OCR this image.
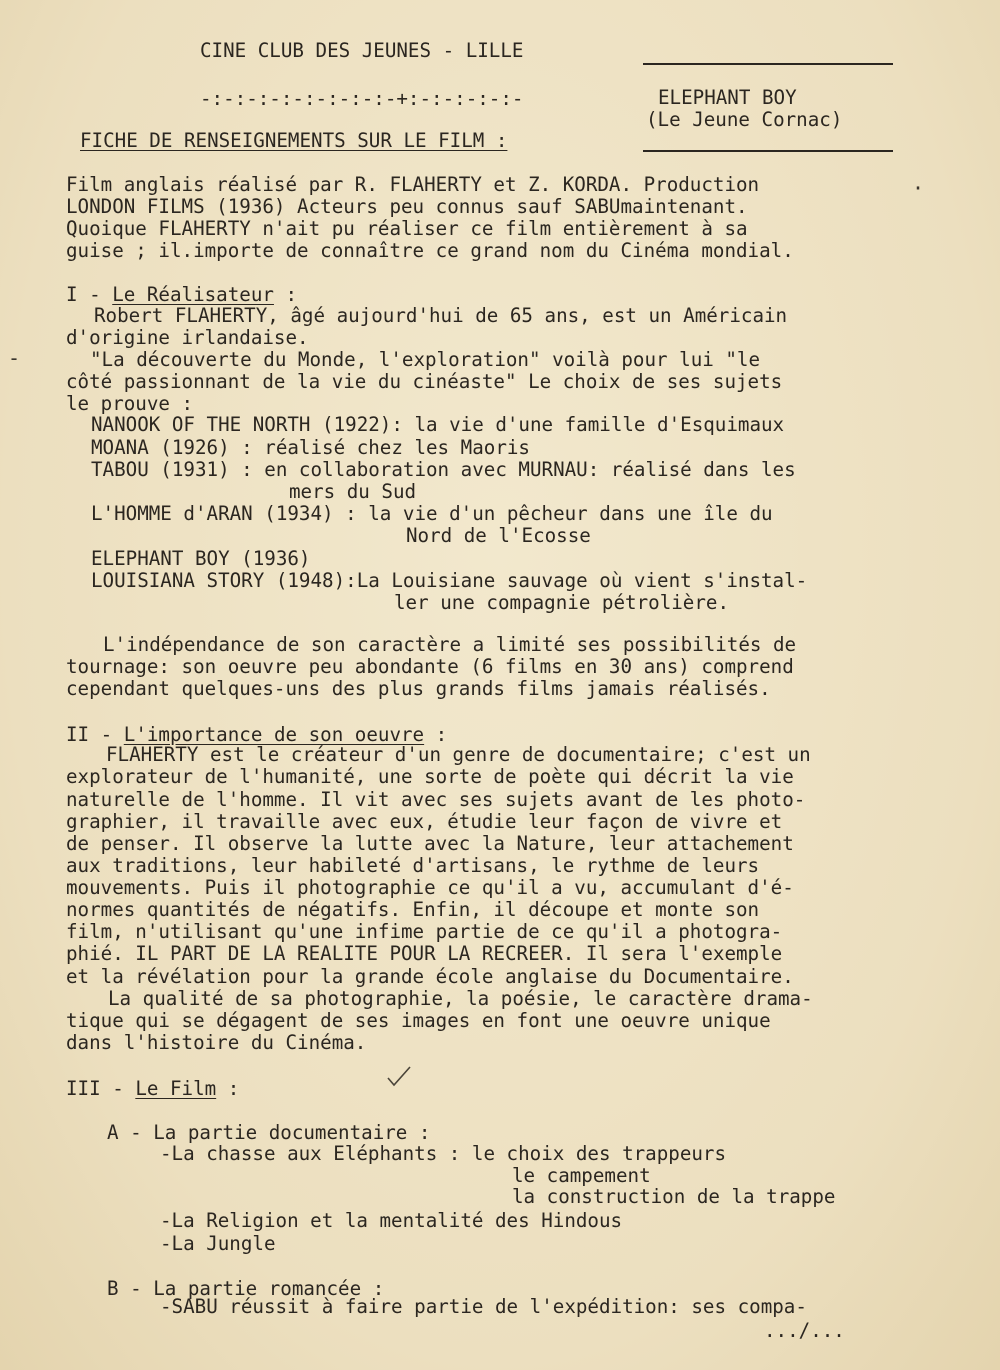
CINE CLUB DES JEUNES - LILLE
-:-:-:-:-:-:-:-:-+:-:-:-:-:-
FICHE DE RENSEIGNEMENTS SUR LE FILM :
ELEPHANT BOY
(Le Jeune Cornac)
Film anglais réalisé par R. FLAHERTY et Z. KORDA. Production
LONDON FILMS (1936) Acteurs peu connus sauf SABUmaintenant.
Quoique FLAHERTY n'ait pu réaliser ce film entièrement à sa
guise ; il.importe de connaître ce grand nom du Cinéma mondial.
·
I - Le Réalisateur :
Robert FLAHERTY, âgé aujourd'hui de 65 ans, est un Américain
d'origine irlandaise.
"La découverte du Monde, l'exploration" voilà pour lui "le
côté passionnant de la vie du cinéaste" Le choix de ses sujets
le prouve :
NANOOK OF THE NORTH (1922): la vie d'une famille d'Esquimaux
MOANA (1926) : réalisé chez les Maoris
TABOU (1931) : en collaboration avec MURNAU: réalisé dans les
mers du Sud
L'HOMME d'ARAN (1934) : la vie d'un pêcheur dans une île du
Nord de l'Ecosse
ELEPHANT BOY (1936)
LOUISIANA STORY (1948):La Louisiane sauvage où vient s'instal-
ler une compagnie pétrolière.
-
L'indépendance de son caractère a limité ses possibilités de
tournage: son oeuvre peu abondante (6 films en 30 ans) comprend
cependant quelques-uns des plus grands films jamais réalisés.
II - L'importance de son oeuvre :
FLAHERTY est le créateur d'un genre de documentaire; c'est un
explorateur de l'humanité, une sorte de poète qui décrit la vie
naturelle de l'homme. Il vit avec ses sujets avant de les photo-
graphier, il travaille avec eux, étudie leur façon de vivre et
de penser. Il observe la lutte avec la Nature, leur attachement
aux traditions, leur habileté d'artisans, le rythme de leurs
mouvements. Puis il photographie ce qu'il a vu, accumulant d'é-
normes quantités de négatifs. Enfin, il découpe et monte son
film, n'utilisant qu'une infime partie de ce qu'il a photogra-
phié. IL PART DE LA REALITE POUR LA RECREER. Il sera l'exemple
et la révélation pour la grande école anglaise du Documentaire.
La qualité de sa photographie, la poésie, le caractère drama-
tique qui se dégagent de ses images en font une oeuvre unique
dans l'histoire du Cinéma.
III - Le Film :
A - La partie documentaire :
-La chasse aux Eléphants : le choix des trappeurs
le campement
la construction de la trappe
-La Religion et la mentalité des Hindous
-La Jungle
B - La partie romancée :
-SABU réussit à faire partie de l'expédition: ses compa-
.../...
